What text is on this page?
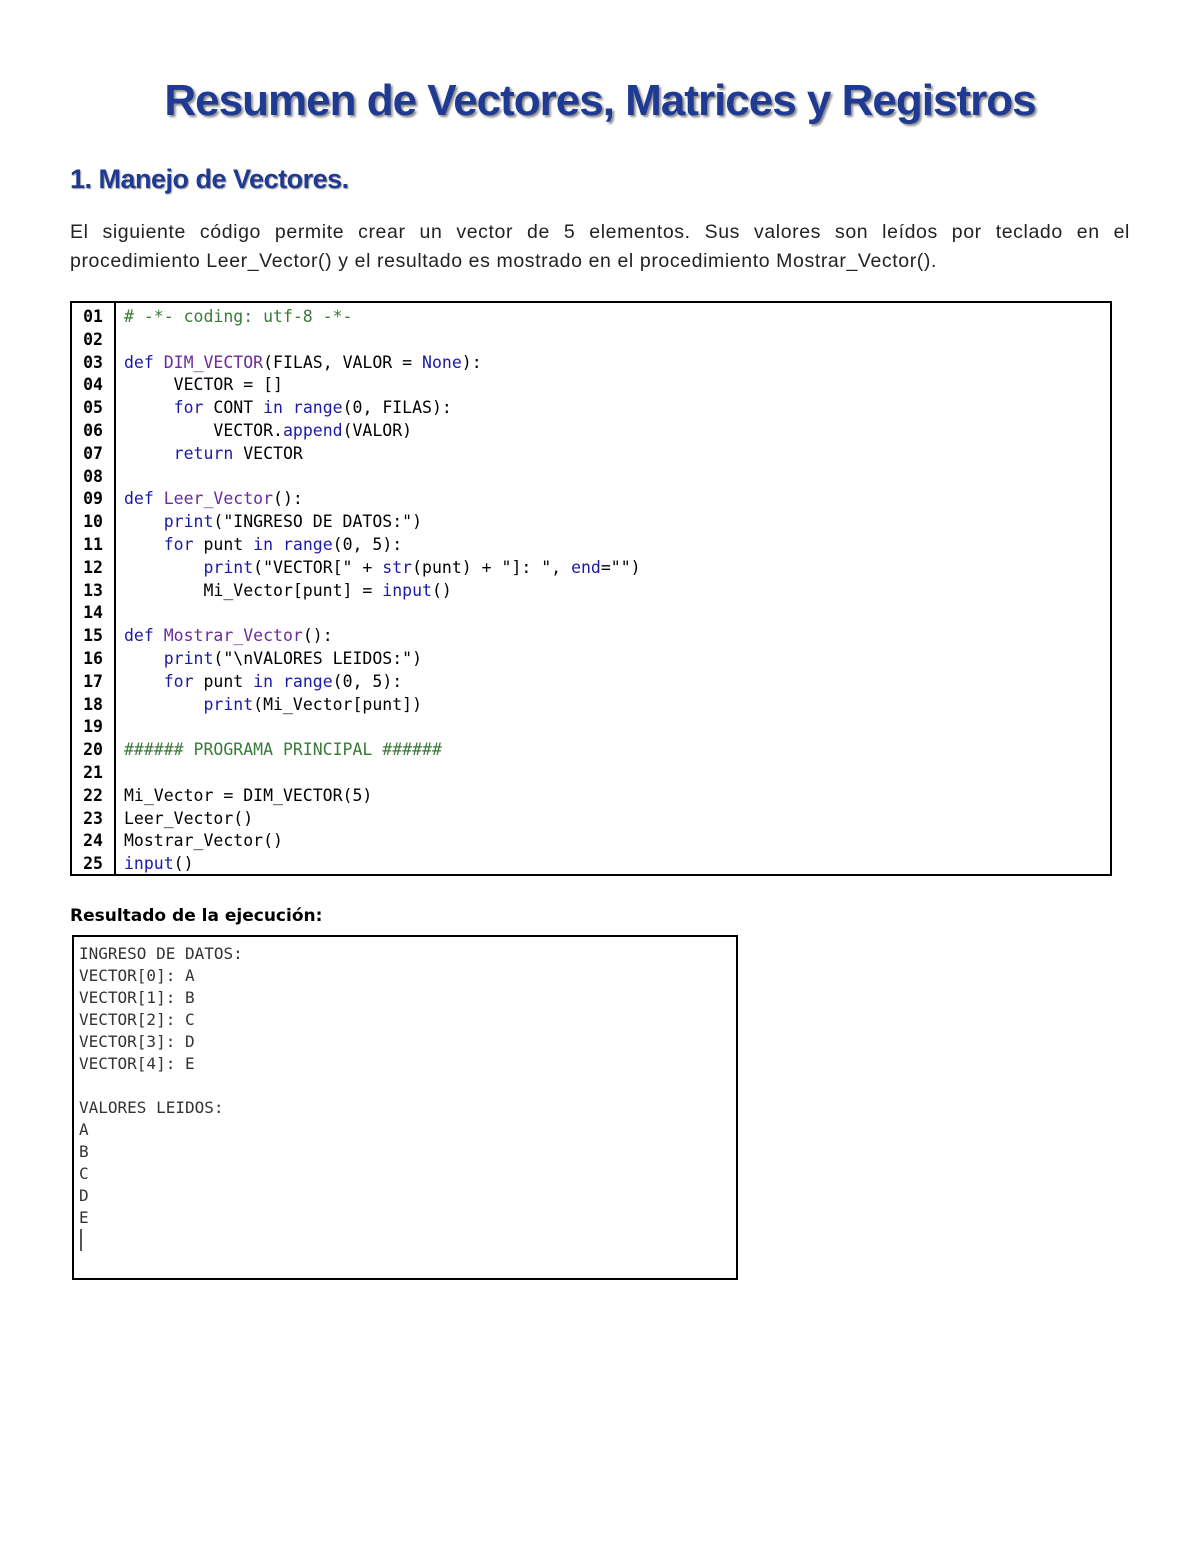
Resumen de Vectores, Matrices y Registros
1. Manejo de Vectores.

El siguiente código permite crear un vector de 5 elementos. Sus valores son leídos por teclado en el procedimiento Leer_Vector() y el resultado es mostrado en el procedimiento Mostrar_Vector().

01	# -*- coding: utf-8 -*-
02
03	def DIM_VECTOR(FILAS, VALOR = None):
04	VECTOR = []
05	for CONT in range(0, FILAS):
06	VECTOR.append(VALOR)
07	return VECTOR
08
09	def Leer_Vector():
10	print("INGRESO DE DATOS:")
11	for punt in range(0, 5):
12	print("VECTOR[" + str(punt) + "]: ", end="")
13	Mi_Vector[punt] = input()
14
15	def Mostrar_Vector():
16	print("\nVALORES LEIDOS:")
17	for punt in range(0, 5):
18	print(Mi_Vector[punt])
19
20	###### PROGRAMA PRINCIPAL ######
21
22	Mi_Vector = DIM_VECTOR(5)
23	Leer_Vector()
24	Mostrar_Vector()
25	input()
Resultado de la ejecución:
INGRESO DE DATOS:
VECTOR[0]: A
VECTOR[1]: B
VECTOR[2]: C
VECTOR[3]: D
VECTOR[4]: E
VALORES LEIDOS:
A
B
C
D
E
